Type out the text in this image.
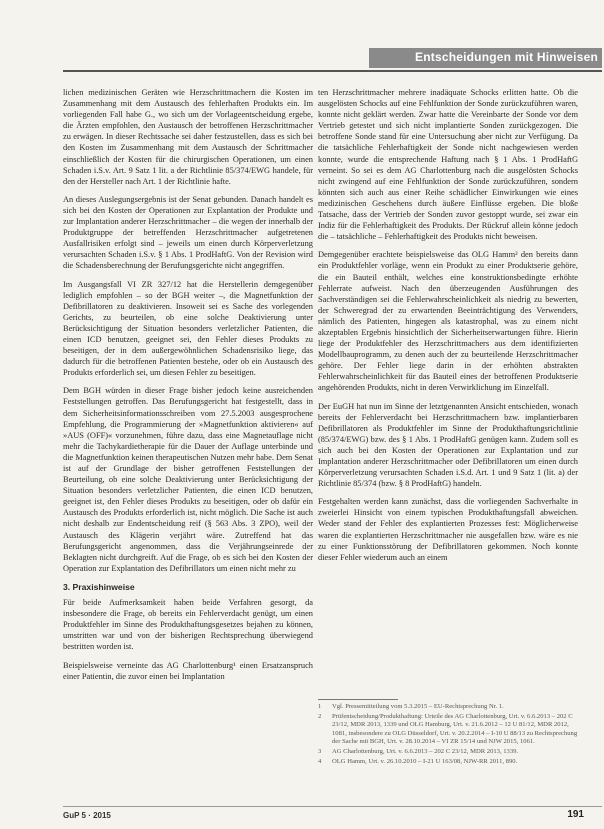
Entscheidungen mit Hinweisen

lichen medizinischen Geräten wie Herzschrittmachern die Kosten im Zusammenhang mit dem Austausch des fehlerhaften Produkts ein. Im vorliegenden Fall habe G., wo sich um der Vorlageentscheidung ergebe, die Ärzten empfohlen, den Austausch der betroffenen Herzschrittmacher zu erwägen. In dieser Rechtssache sei daher festzustellen, dass es sich bei den Kosten im Zusammenhang mit dem Austausch der Schrittmacher einschließlich der Kosten für die chirurgischen Operationen, um einen Schaden i.S.v. Art. 9 Satz 1 lit. a der Richtlinie 85/374/EWG handele, für den der Hersteller nach Art. 1 der Richtlinie hafte.

An dieses Auslegungsergebnis ist der Senat gebunden. Danach handelt es sich bei den Kosten der Operationen zur Explantation der Produkte und zur Implantation anderer Herzschrittmacher – die wegen der innerhalb der Produktgruppe der betreffenden Herzschrittmacher aufgetretenen Ausfallrisiken erfolgt sind – jeweils um einen durch Körperverletzung verursachten Schaden i.S.v. § 1 Abs. 1 ProdHaftG. Von der Revision wird die Schadensberechnung der Berufungsgerichte nicht angegriffen.

Im Ausgangsfall VI ZR 327/12 hat die Herstellerin demgegenüber lediglich empfohlen – so der BGH weiter –, die Magnetfunktion der Defibrillatoren zu deaktivieren. Insoweit sei es Sache des vorlegenden Gerichts, zu beurteilen, ob eine solche Deaktivierung unter Berücksichtigung der Situation besonders verletzlicher Patienten, die einen ICD benutzen, geeignet sei, den Fehler dieses Produkts zu beseitigen, der in dem außergewöhnlichen Schadensrisiko liege, das dadurch für die betroffenen Patienten bestehe, oder ob ein Austausch des Produkts erforderlich sei, um diesen Fehler zu beseitigen.

Dem BGH würden in dieser Frage bisher jedoch keine ausreichenden Feststellungen getroffen. Das Berufungsgericht hat festgestellt, dass in dem Sicherheitsinformationsschreiben vom 27.5.2003 ausgesprochene Empfehlung, die Programmierung der »Magnetfunktion aktivieren« auf »AUS (OFF)« vorzunehmen, führe dazu, dass eine Magnetauflage nicht mehr die Tachykardietherapie für die Dauer der Auflage unterbinde und die Magnetfunktion keinen therapeutischen Nutzen mehr habe. Dem Senat ist auf der Grundlage der bisher getroffenen Feststellungen der Beurteilung, ob eine solche Deaktivierung unter Berücksichtigung der Situation besonders verletzlicher Patienten, die einen ICD benutzen, geeignet ist, den Fehler dieses Produkts zu beseitigen, oder ob dafür ein Austausch des Produkts erforderlich ist, nicht möglich. Die Sache ist auch nicht deshalb zur Endentscheidung reif (§ 563 Abs. 3 ZPO), weil der Austausch des Klägerin verjährt wäre. Zutreffend hat das Berufungsgericht angenommen, dass die Verjährungseinrede der Beklagten nicht durchgreift. Auf die Frage, ob es sich bei den Kosten der Operation zur Explantation des Defibrillators um einen nicht mehr zu

3. Praxishinweise

Für beide Aufmerksamkeit haben beide Verfahren gesorgt, da insbesondere die Frage, ob bereits ein Fehlerverdacht genügt, um einen Produktfehler im Sinne des Produkthaftungsgesetzes bejahen zu können, umstritten war und von der bisherigen Rechtsprechung überwiegend bestritten worden ist.

Beispielsweise verneinte das AG Charlottenburg¹ einen Ersatzanspruch einer Patientin, die zuvor einen bei Implantation

ten Herzschrittmacher mehrere inadäquate Schocks erlitten hatte. Ob die ausgelösten Schocks auf eine Fehlfunktion der Sonde zurückzuführen waren, konnte nicht geklärt werden. Zwar hatte die Vereinbarte der Sonde vor dem Vertrieb getestet und sich nicht implantierte Sonden zurückgezogen. Die betroffene Sonde stand für eine Untersuchung aber nicht zur Verfügung. Da die tatsächliche Fehlerhaftigkeit der Sonde nicht nachgewiesen werden konnte, wurde die entsprechende Haftung nach § 1 Abs. 1 ProdHaftG verneint. So sei es dem AG Charlottenburg nach die ausgelösten Schocks nicht zwingend auf eine Fehlfunktion der Sonde zurückzuführen, sondern könnten sich auch aus einer Reihe schädlicher Einwirkungen wie eines medizinischen Geschehens durch äußere Einflüsse ergeben. Die bloße Tatsache, dass der Vertrieb der Sonden zuvor gestoppt wurde, sei zwar ein Indiz für die Fehlerhaftigkeit des Produkts. Der Rückruf allein könne jedoch die – tatsächliche – Fehlerhaftigkeit des Produkts nicht beweisen.

Demgegenüber erachtete beispielsweise das OLG Hamm² den bereits dann ein Produktfehler vorläge, wenn ein Produkt zu einer Produktserie gehöre, die ein Bauteil enthält, welches eine konstruktionsbedingte erhöhte Fehlerrate aufweist. Nach den überzeugenden Ausführungen des Sachverständigen sei die Fehlerwahrscheinlichkeit als niedrig zu bewerten, der Schweregrad der zu erwartenden Beeinträchtigung des Verwenders, nämlich des Patienten, hingegen als katastrophal, was zu einem nicht akzeptablen Ergebnis hinsichtlich der Sicherheitserwartungen führe. Hierin liege der Produktfehler des Herzschrittmachers aus dem identifizierten Modellbauprogramm, zu denen auch der zu beurteilende Herzschrittmacher gehöre. Der Fehler liege darin in der erhöhten abstrakten Fehlerwahrscheinlichkeit für das Bauteil eines der betroffenen Produktserie angehörenden Produkts, nicht in deren Verwirklichung im Einzelfall.

Der EuGH hat nun im Sinne der letztgenannten Ansicht entschieden, wonach bereits der Fehlerverdacht bei Herzschrittmachern bzw. implantierbaren Defibrillatoren als Produktfehler im Sinne der Produkthaftungsrichtlinie (85/374/EWG) bzw. des § 1 Abs. 1 ProdHaftG genügen kann. Zudem soll es sich auch bei den Kosten der Operationen zur Explantation und zur Implantation anderer Herzschrittmacher oder Defibrillatoren um einen durch Körperverletzung verursachten Schaden i.S.d. Art. 1 und 9 Satz 1 (lit. a) der Richtlinie 85/374 (bzw. § 8 ProdHaftG) handeln.

Festgehalten werden kann zunächst, dass die vorliegenden Sachverhalte in zweierlei Hinsicht von einem typischen Produkthaftungsfall abweichen. Weder stand der Fehler des explantierten Prozesses fest: Möglicherweise waren die explantierten Herzschrittmacher nie ausgefallen bzw. wäre es nie zu einer Funktionsstörung der Defibrillatoren gekommen. Noch konnte dieser Fehler wiederum auch an einem

1	Vgl. Pressemitteilung vom 5.3.2015 – EU-Rechtsprechung Nr. 1.
2	Prüfentscheidung/Produkthaftung: Urteile des AG Charlottenburg, Urt. v. 6.6.2013 – 202 C 23/12, MDR 2013, 1339 und OLG Hamburg, Urt. v. 21.6.2012 – 12 U 81/12, MDR 2012, 1081, insbesondere zu OLG Düsseldorf, Urt. v. 20.2.2014 – I-10 U 88/13 zu Rechtsprechung der Sache mit BGH, Urt. v. 28.10.2014 – VI ZR 15/14 und NJW 2015, 1061.
3	AG Charlottenburg, Urt. v. 6.6.2013 – 202 C 23/12, MDR 2013, 1339.
4	OLG Hamm, Urt. v. 26.10.2010 – I-21 U 163/08, NJW-RR 2011, 890.
GuP 5 · 2015	191
